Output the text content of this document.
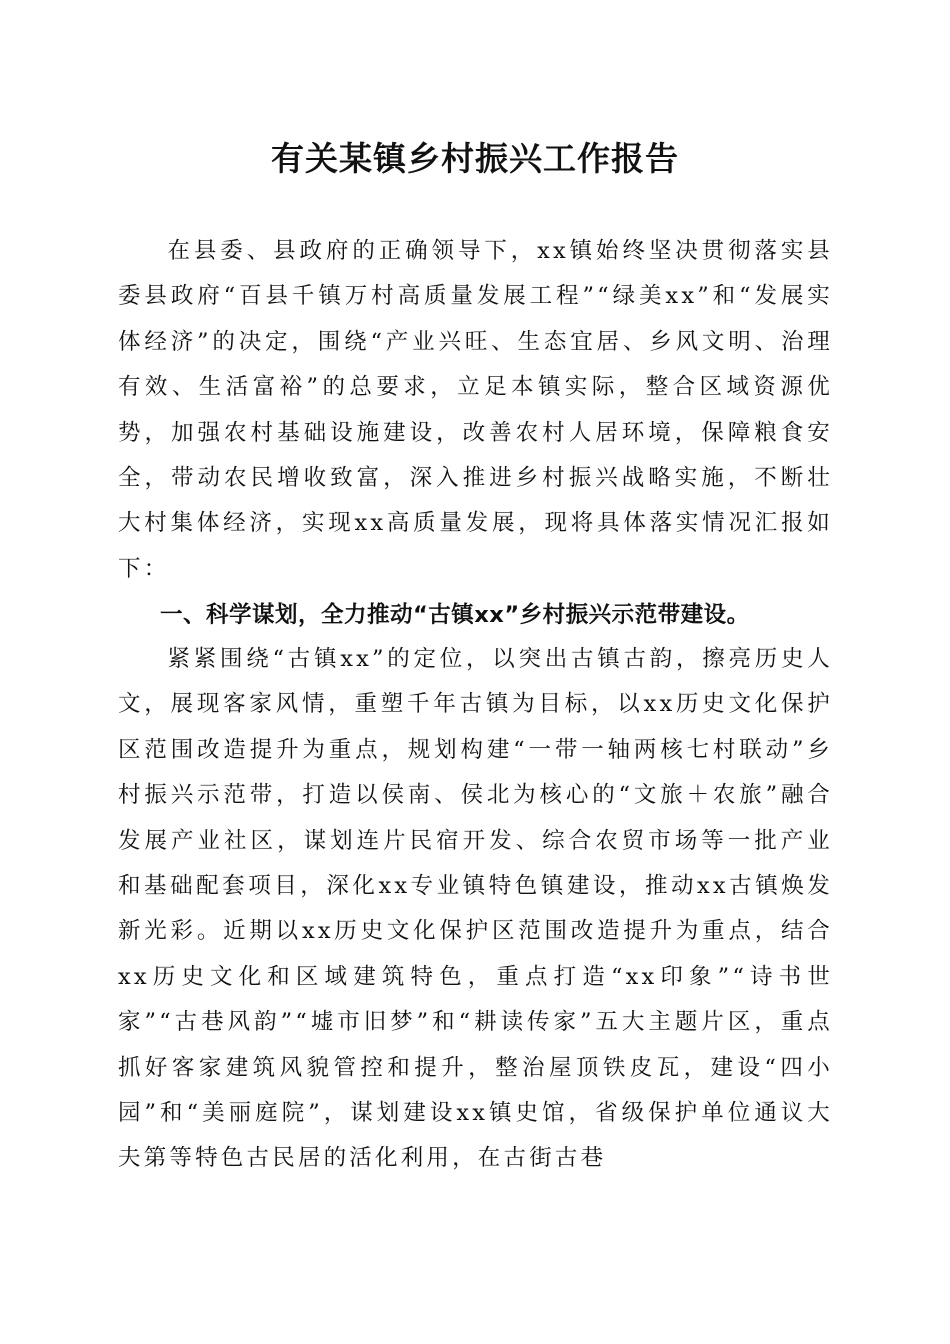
有关某镇乡村振兴工作报告

在县委、县政府的正确领导下，xx镇始终坚决贯彻落实县委县政府“百县千镇万村高质量发展工程”“绿美xx”和“发展实体经济”的决定，围绕“产业兴旺、生态宜居、乡风文明、治理有效、生活富裕”的总要求，立足本镇实际，整合区域资源优势，加强农村基础设施建设，改善农村人居环境，保障粮食安全，带动农民增收致富，深入推进乡村振兴战略实施，不断壮大村集体经济，实现xx高质量发展，现将具体落实情况汇报如下：

一、科学谋划，全力推动“古镇xx”乡村振兴示范带建设。

紧紧围绕“古镇xx”的定位，以突出古镇古韵，擦亮历史人文，展现客家风情，重塑千年古镇为目标，以xx历史文化保护区范围改造提升为重点，规划构建“一带一轴两核七村联动”乡村振兴示范带，打造以侯南、侯北为核心的“文旅＋农旅”融合发展产业社区，谋划连片民宿开发、综合农贸市场等一批产业和基础配套项目，深化xx专业镇特色镇建设，推动xx古镇焕发新光彩。近期以xx历史文化保护区范围改造提升为重点，结合xx历史文化和区域建筑特色，重点打造“xx印象”“诗书世家”“古巷风韵”“墟市旧梦”和“耕读传家”五大主题片区，重点抓好客家建筑风貌管控和提升，整治屋顶铁皮瓦，建设“四小园”和“美丽庭院”，谋划建设xx镇史馆，省级保护单位通议大夫第等特色古民居的活化利用，在古街古巷
